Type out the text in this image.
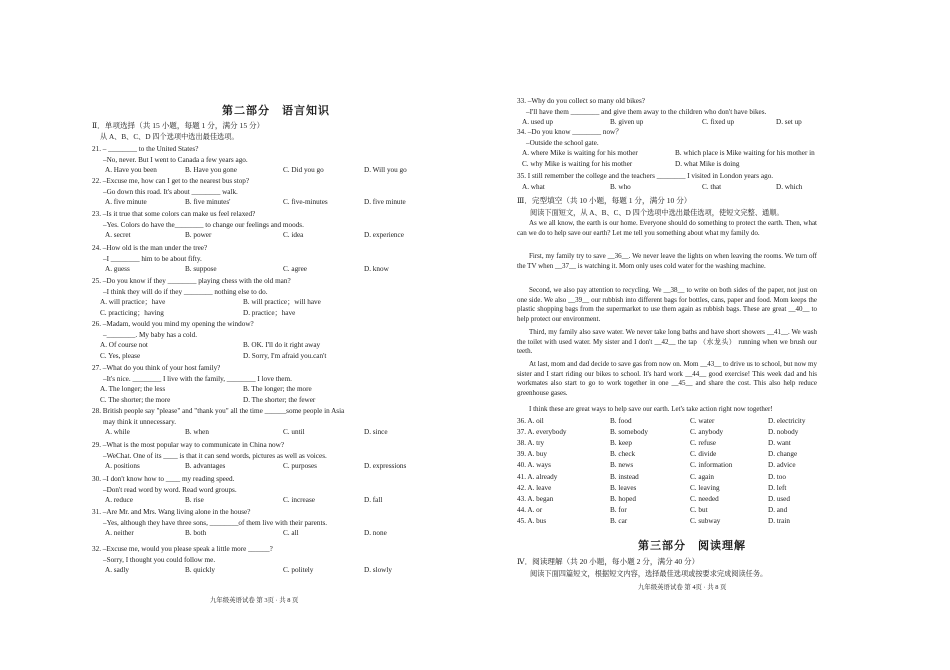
第二部分　语言知识
Ⅱ．单项选择（共 15 小题，每题 1 分，满分 15 分）
从 A、B、C、D 四个选项中选出最佳选项。
21. – ________ to the United States?
–No, never. But I went to Canada a few years ago.
A. Have you been	B. Have you gone	C. Did you go	D. Will you go
22. –Excuse me, how can I get to the nearest bus stop?
–Go down this road. It's about ________ walk.
A. five minute	B. five minutes'	C. five-minutes	D. five minute
23. –Is it true that some colors can make us feel relaxed?
–Yes. Colors do have the________ to change our feelings and moods.
A. secret	B. power	C. idea	D. experience
24. –How old is the man under the tree?
–I ________ him to be about fifty.
A. guess	B. suppose	C. agree	D. know
25. –Do you know if they ________ playing chess with the old man?
–I think they will do if they ________ nothing else to do.
A. will practice；have	B. will practice；will have
C. practicing；having	D. practice；have
26. –Madam, would you mind my opening the window?
–________. My baby has a cold.
A. Of course not	B. OK. I'll do it right away
C. Yes, please	D. Sorry, I'm afraid you.can't
27. –What do you think of your host family?
–It's nice. ________ I live with the family, ________ I love them.
A. The longer; the less	B. The longer; the more
C. The shorter; the more	D. The shorter; the fewer
28. British people say "please" and "thank you" all the time ______some people in Asia
may think it unnecessary.
A. while	B. when	C. until	D. since
29. –What is the most popular way to communicate in China now?
–WeChat. One of its ____ is that it can send words, pictures as well as voices.
A. positions	B. advantages	C. purposes	D. expressions
30. –I don't know how to ____ my reading speed.
–Don't read word by word. Read word groups.
A. reduce	B. rise	C. increase	D. fall
31. –Are Mr. and Mrs. Wang living alone in the house?
–Yes, although they have three sons, ________of them live with their parents.
A. neither	B. both	C. all	D. none
32. –Excuse me, would you please speak a little more ______?
–Sorry, I thought you could follow me.
A. sadly	B. quickly	C. politely	D. slowly
九年级英语试卷 第 3页 · 共 8 页
33. –Why do you collect so many old bikes?
–I'll have them ________ and give them away to the children who don't have bikes.
A. used up	B. given up	C. fixed up	D. set up
34. –Do you know ________ now？
–Outside the school gate.
A. where Mike is waiting for his mother	B. which place is Mike waiting for his mother in
C. why Mike is waiting for his mother	D. what Mike is doing
35. I still remember the college and the teachers ________ I visited in London years ago.
A. what	B. who	C. that	D. which
Ⅲ．完型填空（共 10 小题，每题 1 分，满分 10 分）
阅读下面短文，从 A、B、C、D 四个选项中选出最佳选项，使短文完整、通顺。
As we all know, the earth is our home. Everyone should do something to protect the earth. Then, what can we do to help save our earth? Let me tell you something about what my family do.
First, my family try to save __36__. We never leave the lights on when leaving the rooms. We turn off the TV when __37__ is watching it. Mom only uses cold water for the washing machine.
Second, we also pay attention to recycling. We __38__ to write on both sides of the paper, not just on one side. We also __39__ our rubbish into different bags for bottles, cans, paper and food. Mom keeps the plastic shopping bags from the supermarket to use them again as rubbish bags. These are great __40__ to help protect our environment.
Third, my family also save water. We never take long baths and have short showers __41__. We wash the toilet with used water. My sister and I don't __42__ the tap （水龙头） running when we brush our teeth.
At last, mom and dad decide to save gas from now on. Mom __43__ to drive us to school, but now my sister and I start riding our bikes to school. It's hard work __44__ good exercise! This week dad and his workmates also start to go to work together in one __45__ and share the cost. This also help reduce greenhouse gases.
I think these are great ways to help save our earth. Let's take action right now together!
36. A. oil	B. food	C. water	D. electricity
37. A. everybody	B. somebody	C. anybody	D. nobody
38. A. try	B. keep	C. refuse	D. want
39. A. buy	B. check	C. divide	D. change
40. A. ways	B. news	C. information	D. advice
41. A. already	B. instead	C. again	D. too
42. A. leave	B. leaves	C. leaving	D. left
43. A. began	B. hoped	C. needed	D. used
44. A. or	B. for	C. but	D. and
45. A. bus	B. car	C. subway	D. train
第三部分　阅读理解
Ⅳ．阅读理解（共 20 小题，每小题 2 分，满分 40 分）
阅读下面四篇短文，根据短文内容，选择最佳选项或按要求完成阅读任务。
九年级英语试卷 第 4页 · 共 8 页
